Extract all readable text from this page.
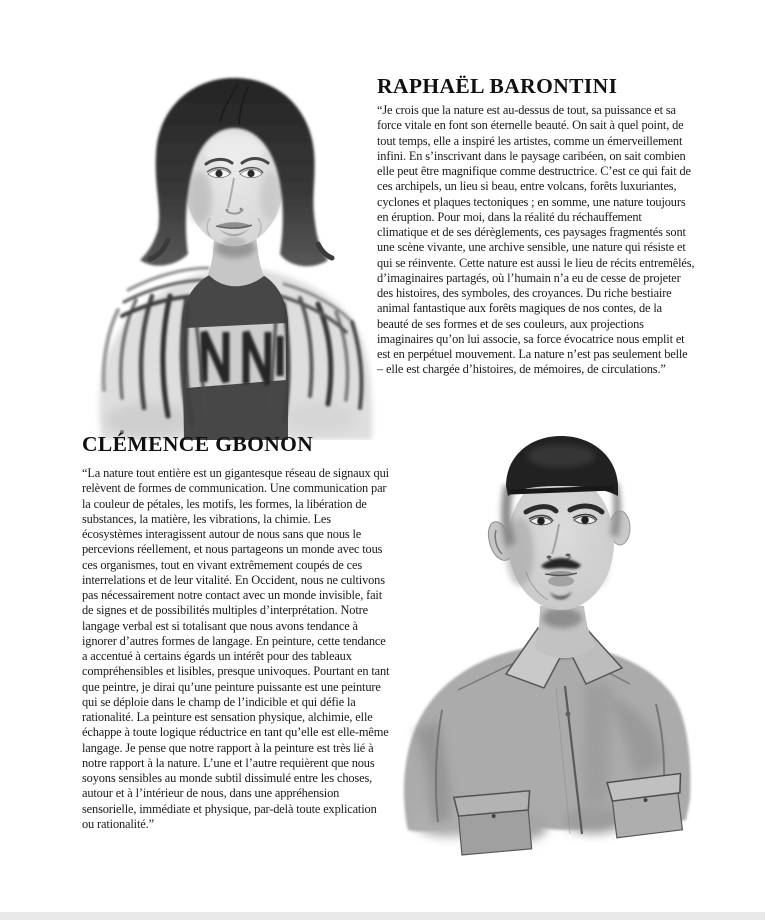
RAPHAËL BARONTINI

“Je crois que la nature est au-dessus de tout, sa puissance et sa force vitale en font son éternelle beauté. On sait à quel point, de tout temps, elle a inspiré les artistes, comme un émerveillement infini. En s’inscrivant dans le paysage caribéen, on sait combien elle peut être magnifique comme destructrice. C’est ce qui fait de ces archipels, un lieu si beau, entre volcans, forêts luxuriantes, cyclones et plaques tectoniques ; en somme, une nature toujours en éruption. Pour moi, dans la réalité du réchauffement climatique et de ses dérèglements, ces paysages fragmentés sont une scène vivante, une archive sensible, une nature qui résiste et qui se réinvente. Cette nature est aussi le lieu de récits entremêlés, d’imaginaires partagés, où l’humain n’a eu de cesse de projeter des histoires, des symboles, des croyances. Du riche bestiaire animal fantastique aux forêts magiques de nos contes, de la beauté de ses formes et de ses couleurs, aux projections imaginaires qu’on lui associe, sa force évocatrice nous emplit et est en perpétuel mouvement. La nature n’est pas seulement belle – elle est chargée d’histoires, de mémoires, de circulations.”

CLÉMENCE GBONON

“La nature tout entière est un gigantesque réseau de signaux qui relèvent de formes de communication. Une communication par la couleur de pétales, les motifs, les formes, la libération de substances, la matière, les vibrations, la chimie. Les écosystèmes interagissent autour de nous sans que nous le percevions réellement, et nous partageons un monde avec tous ces organismes, tout en vivant extrêmement coupés de ces interrelations et de leur vitalité. En Occident, nous ne cultivons pas nécessairement notre contact avec un monde invisible, fait de signes et de possibilités multiples d’interprétation. Notre langage verbal est si totalisant que nous avons tendance à ignorer d’autres formes de langage. En peinture, cette tendance a accentué à certains égards un intérêt pour des tableaux compréhensibles et lisibles, presque univoques. Pourtant en tant que peintre, je dirai qu’une peinture puissante est une peinture qui se déploie dans le champ de l’indicible et qui défie la rationalité. La peinture est sensation physique, alchimie, elle échappe à toute logique réductrice en tant qu’elle est elle-même langage. Je pense que notre rapport à la peinture est très lié à notre rapport à la nature. L’une et l’autre requièrent que nous soyons sensibles au monde subtil dissimulé entre les choses, autour et à l’intérieur de nous, dans une appréhension sensorielle, immédiate et physique, par-delà toute explication ou rationalité.”
